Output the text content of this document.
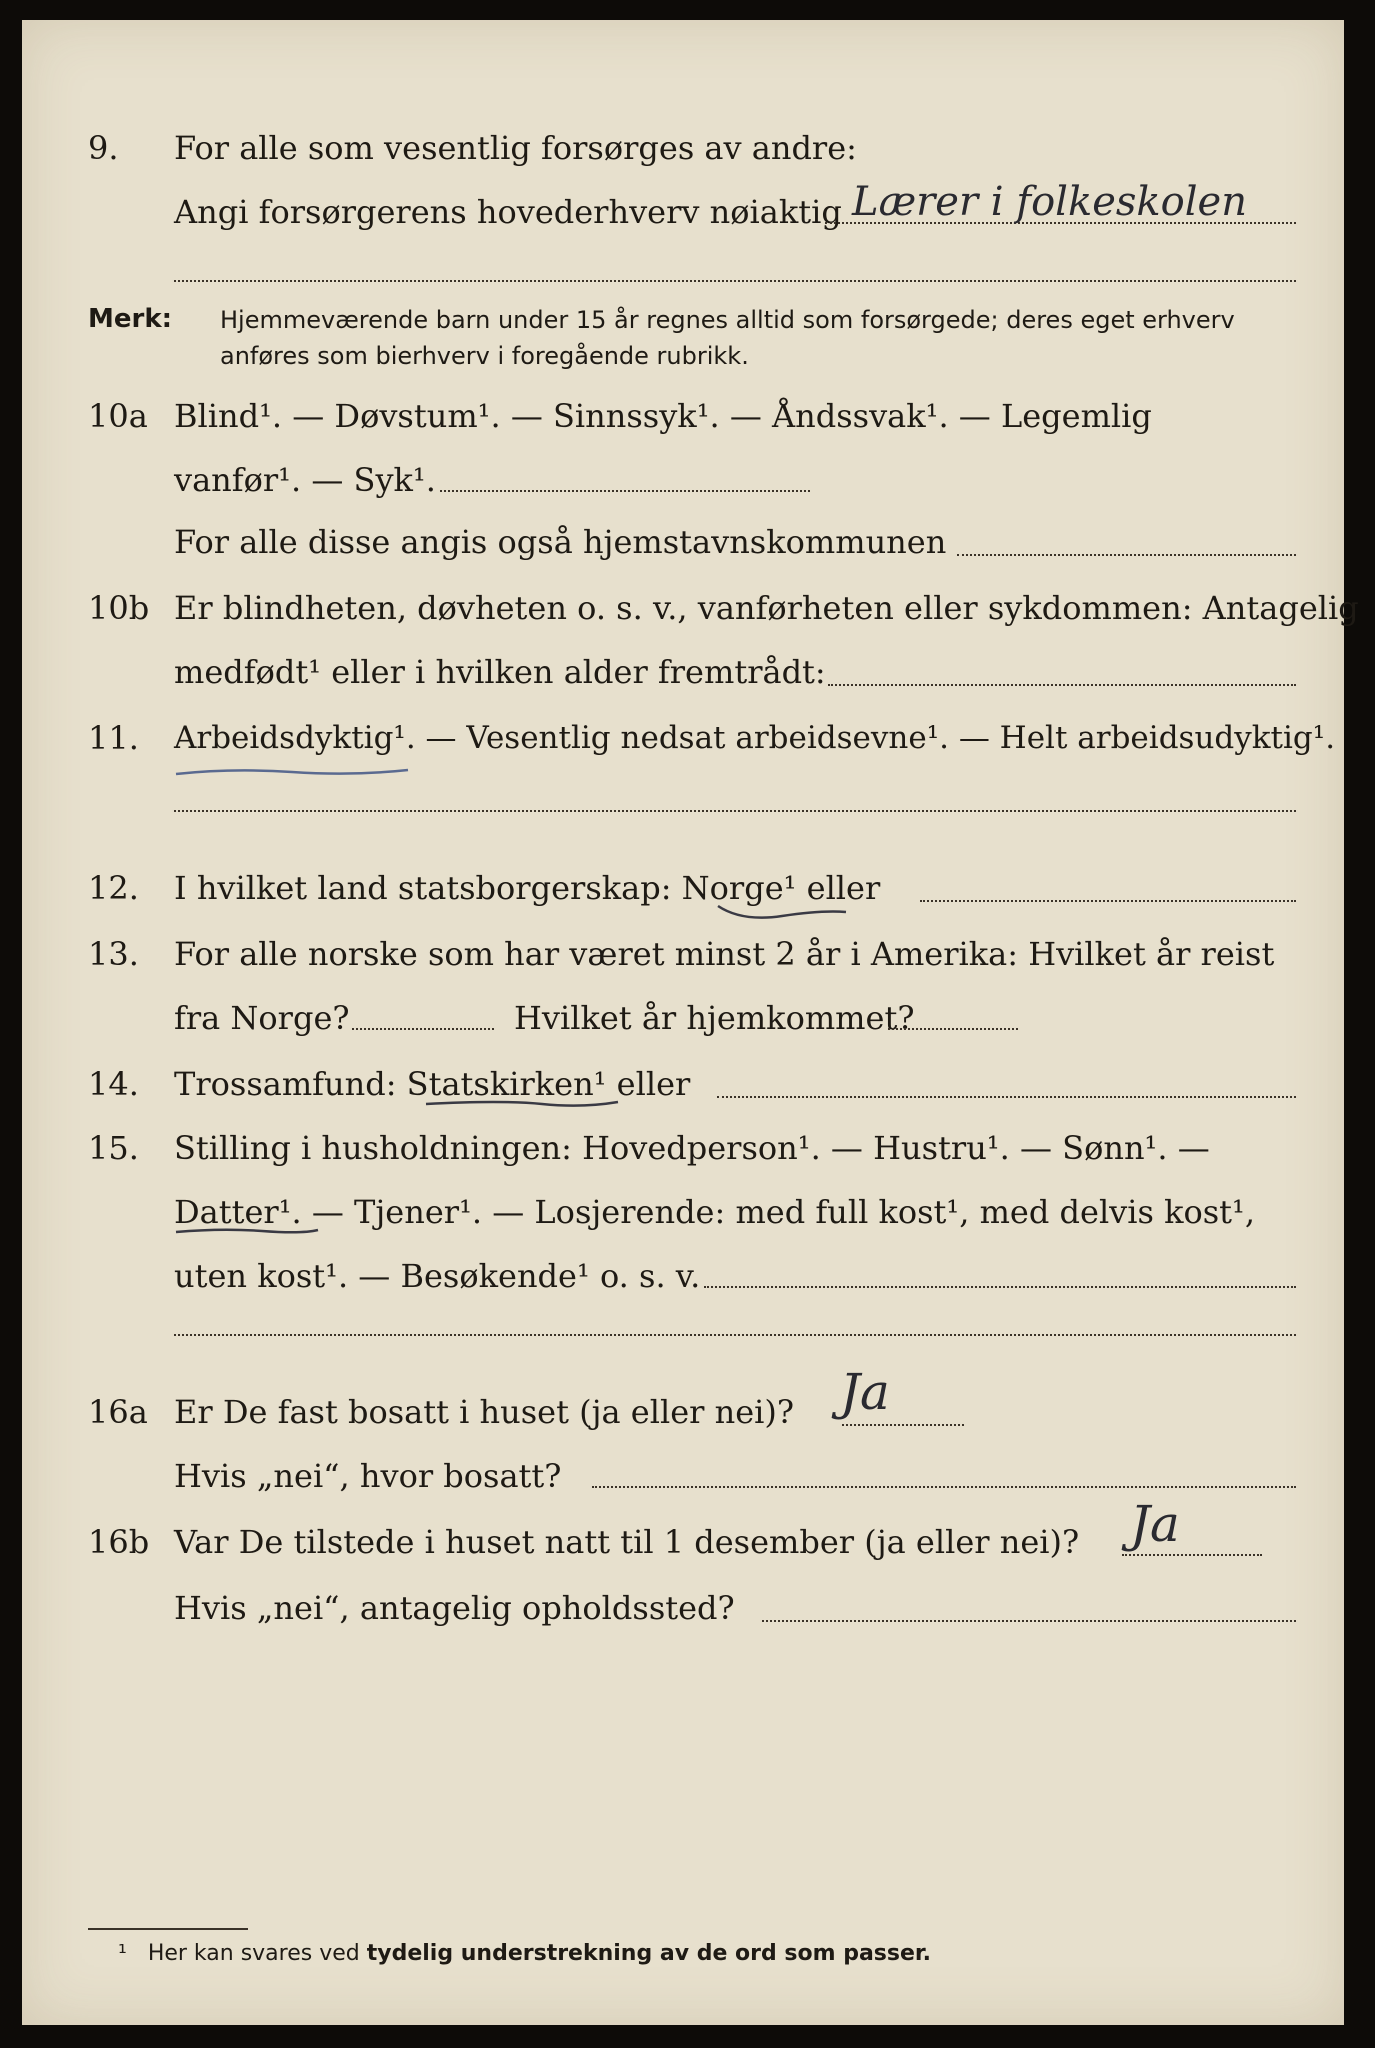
9. For alle som vesentlig forsørges av andre:
Angi forsørgerens hovederhverv nøiaktig Lærer i folkeskolen
Merk: Hjemmeværende barn under 15 år regnes alltid som forsørgede; deres eget erhverv
anføres som bierhverv i foregående rubrikk.
10a Blind¹. — Døvstum¹. — Sinnssyk¹. — Åndssvak¹. — Legemlig
vanfør¹. — Syk¹.
For alle disse angis også hjemstavnskommunen
10b Er blindheten, døvheten o. s. v., vanførheten eller sykdommen: Antagelig
medfødt¹ eller i hvilken alder fremtrådt:
11. Arbeidsdyktig¹. — Vesentlig nedsat arbeidsevne¹. — Helt arbeidsudyktig¹.
12. I hvilket land statsborgerskap: Norge¹ eller
13. For alle norske som har været minst 2 år i Amerika: Hvilket år reist
fra Norge?	Hvilket år hjemkommet?
14. Trossamfund: Statskirken¹ eller
15. Stilling i husholdningen: Hovedperson¹. — Hustru¹. — Sønn¹. —
Datter¹. — Tjener¹. — Losjerende: med full kost¹, med delvis kost¹,
uten kost¹. — Besøkende¹ o. s. v.
16a Er De fast bosatt i huset (ja eller nei)? Ja
Hvis „nei“, hvor bosatt?
16b Var De tilstede i huset natt til 1 desember (ja eller nei)? Ja
Hvis „nei“, antagelig opholdssted?
¹ Her kan svares ved tydelig understrekning av de ord som passer.
